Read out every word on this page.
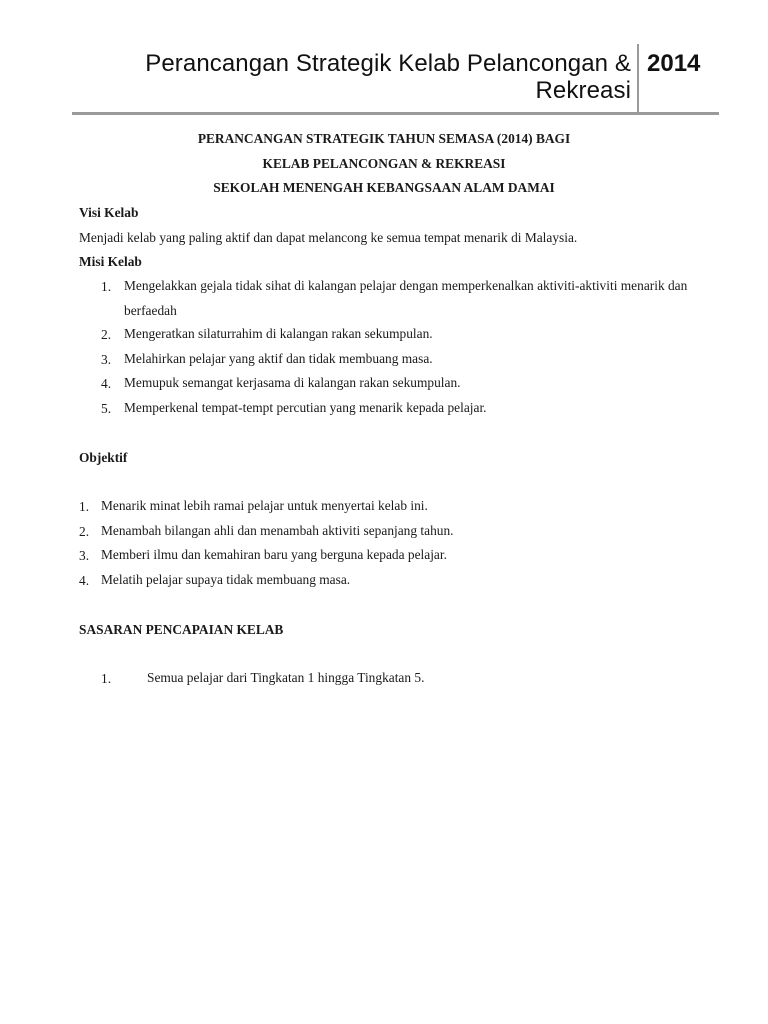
Perancangan Strategik Kelab Pelancongan & Rekreasi
2014
PERANCANGAN STRATEGIK TAHUN SEMASA (2014) BAGI
KELAB PELANCONGAN & REKREASI
SEKOLAH MENENGAH KEBANGSAAN ALAM DAMAI
Visi Kelab
Menjadi kelab yang paling aktif dan dapat melancong ke semua tempat menarik di Malaysia.
Misi Kelab
1. Mengelakkan gejala tidak sihat di kalangan pelajar dengan memperkenalkan aktiviti-aktiviti menarik dan berfaedah
2. Mengeratkan silaturrahim di kalangan rakan sekumpulan.
3. Melahirkan pelajar yang aktif dan tidak membuang masa.
4. Memupuk semangat kerjasama di kalangan rakan sekumpulan.
5. Memperkenal tempat-tempt percutian yang menarik kepada pelajar.
Objektif
1. Menarik minat lebih ramai pelajar untuk menyertai kelab ini.
2. Menambah bilangan ahli dan menambah aktiviti sepanjang tahun.
3. Memberi ilmu dan kemahiran baru yang berguna kepada pelajar.
4. Melatih pelajar supaya tidak membuang masa.
SASARAN PENCAPAIAN KELAB
1.	Semua pelajar dari Tingkatan 1 hingga Tingkatan 5.
